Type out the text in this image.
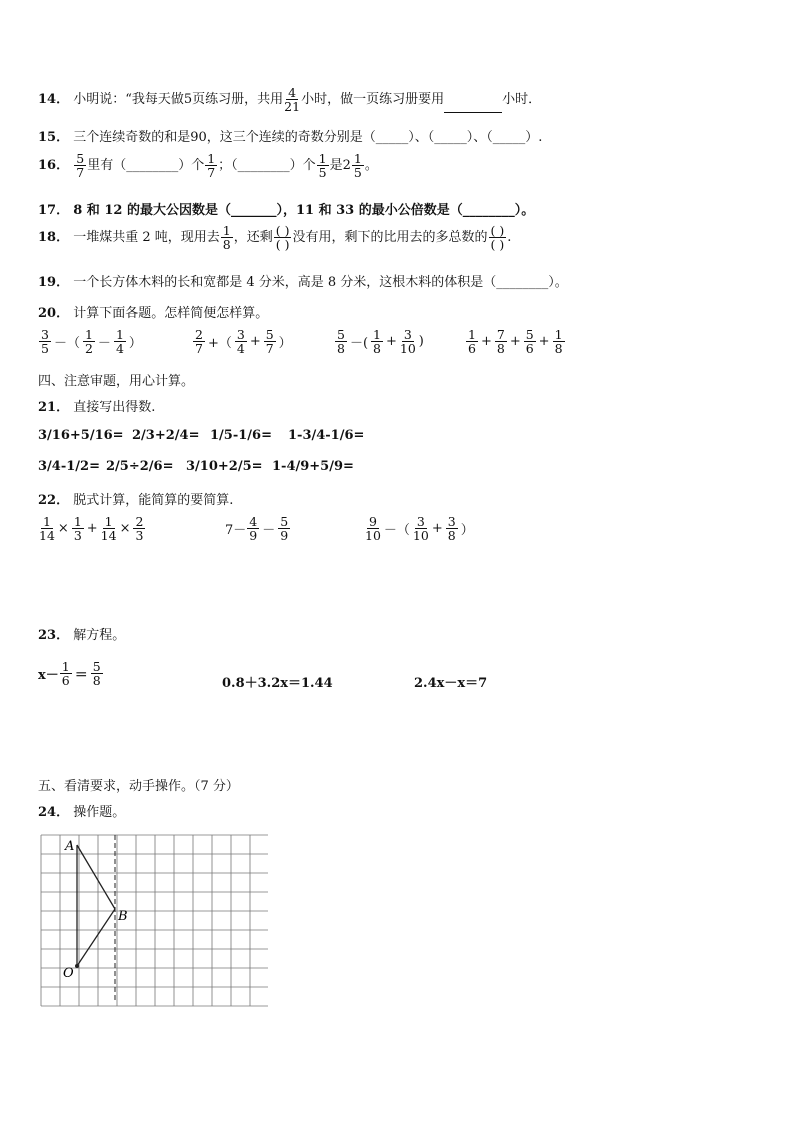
14． 小明说：“我每天做5页练习册，共用 $\frac{4}{21}$ 小时，做一页练习册要用	小时．
15． 三个连续奇数的和是90，这三个连续的奇数分别是（_____）、（_____）、（_____）.
16． $\frac{5}{7}$ 里有（________）个 $\frac{1}{7}$ ；（________）个 $\frac{1}{5}$ 是$2 \frac{1}{5}$ 。
17． 8 和 12 的最大公因数是（_______），11 和 33 的最小公倍数是（________）。
18． 一堆煤共重 2 吨，现用去 $\frac{1}{8}$ ，还剩 $\frac{( )}{( )}$ 没有用，剩下的比用去的多总数的 $\frac{( )}{( )}$ .
19． 一个长方体木料的长和宽都是 4 分米，高是 8 分米，这根木料的体积是（________）。
20． 计算下面各题。怎样简便怎样算。
$\frac{3}{5}$ －（ $\frac{1}{2} - \frac{1}{4}$ ）	$\frac{2}{7}$ +（ $\frac{3}{4} + \frac{5}{7}$ ）	$\frac{5}{8}$ －( $\frac{1}{8} + \frac{3}{10}$ )	$\frac{1}{6} + \frac{7}{8} + \frac{5}{6} + \frac{1}{8}$
四、注意审题，用心计算。
21． 直接写出得数.
3/16+5/16= 2/3+2/4= 1/5-1/6=	1-3/4-1/6=
3/4-1/2= 2/5÷2/6= 3/10+2/5= 1-4/9+5/9=
22． 脱式计算，能简算的要简算.
$\frac{1}{14} \times \frac{1}{3} + \frac{1}{14} \times \frac{2}{3}$	$7- \frac{4}{9} - \frac{5}{9}$	$\frac{9}{10}$ －（ $\frac{3}{10} + \frac{3}{8}$ ）
23． 解方程。
$x- \frac{1}{6} = \frac{5}{8}$	0.8＋3.2x＝1.44	2.4x－x＝7
五、看清要求，动手操作。（7 分）
24． 操作题。
A
B
O
